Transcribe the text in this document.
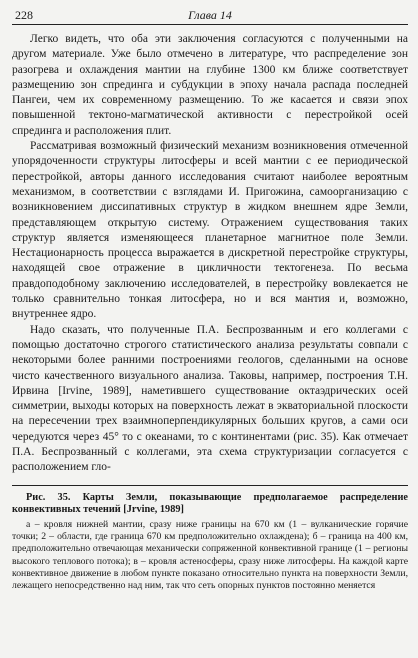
228	Глава 14

Легко видеть, что оба эти заключения согласуются с полученными на другом материале. Уже было отмечено в литературе, что распределение зон разогрева и охлаждения мантии на глубине 1300 км ближе соответствует размещению зон спрединга и субдукции в эпоху начала распада последней Пангеи, чем их современному размещению. То же касается и связи эпох повышенной тектоно-магматической активности с перестройкой осей спрединга и расположения плит.

Рассматривая возможный физический механизм возникновения отмеченной упорядоченности структуры литосферы и всей мантии с ее периодической перестройкой, авторы данного исследования считают наиболее вероятным механизмом, в соответствии с взглядами И. Пригожина, самоорганизацию с возникновением диссипативных структур в жидком внешнем ядре Земли, представляющем открытую систему. Отражением существования таких структур является изменяющееся планетарное магнитное поле Земли. Нестационарность процесса выражается в дискретной перестройке структуры, находящей свое отражение в цикличности тектогенеза. По весьма правдоподобному заключению исследователей, в перестройку вовлекается не только сравнительно тонкая литосфера, но и вся мантия и, возможно, внутреннее ядро.

Надо сказать, что полученные П.А. Беспрозванным и его коллегами с помощью достаточно строгого статистического анализа результаты совпали с некоторыми более ранними построениями геологов, сделанными на основе чисто качественного визуального анализа. Таковы, например, построения Т.Н. Ирвина [Irvine, 1989], наметившего существование октаэдрических осей симметрии, выходы которых на поверхность лежат в экваториальной плоскости на пересечении трех взаимноперпендикулярных больших кругов, а сами оси чередуются через 45° то с океанами, то с континентами (рис. 35). Как отмечает П.А. Беспрозванный с коллегами, эта схема структуризации согласуется с расположением гло-

Рис. 35. Карты Земли, показывающие предполагаемое распределение конвективных течений [Jrvine, 1989]

а – кровля нижней мантии, сразу ниже границы на 670 км (1 – вулканические горячие точки; 2 – области, где граница 670 км предположительно охлаждена); б – граница на 400 км, предположительно отвечающая механически сопряженной конвективной границе (1 – регионы высокого теплового потока); в – кровля астеносферы, сразу ниже литосферы. На каждой карте конвективное движение в любом пункте показано относительно пункта на поверхности Земли, лежащего непосредственно над ним, так что сеть опорных пунктов постоянно меняется
